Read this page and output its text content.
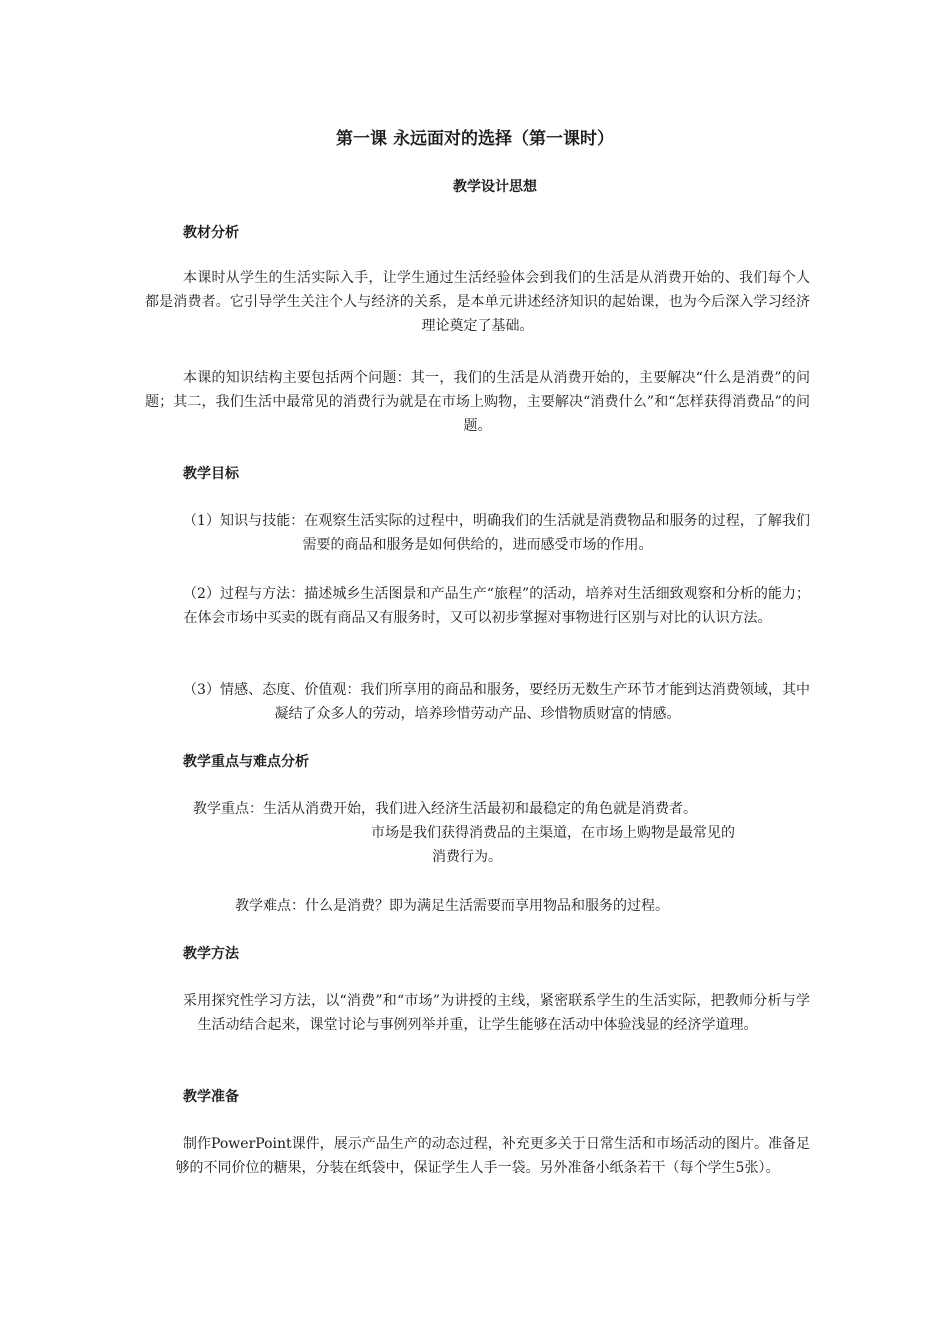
第一课 永远面对的选择（第一课时）
教学设计思想
教材分析
本课时从学生的生活实际入手，让学生通过生活经验体会到我们的生活是从消费开始的、我们每个人都是消费者。它引导学生关注个人与经济的关系，是本单元讲述经济知识的起始课，也为今后深入学习经济理论奠定了基础。
本课的知识结构主要包括两个问题：其一，我们的生活是从消费开始的，主要解决“什么是消费”的问题；其二，我们生活中最常见的消费行为就是在市场上购物，主要解决“消费什么”和“怎样获得消费品”的问题。
教学目标
（1）知识与技能：在观察生活实际的过程中，明确我们的生活就是消费物品和服务的过程，了解我们需要的商品和服务是如何供给的，进而感受市场的作用。
（2）过程与方法：描述城乡生活图景和产品生产“旅程”的活动，培养对生活细致观察和分析的能力；在体会市场中买卖的既有商品又有服务时，又可以初步掌握对事物进行区别与对比的认识方法。
（3）情感、态度、价值观：我们所享用的商品和服务，要经历无数生产环节才能到达消费领域，其中凝结了众多人的劳动，培养珍惜劳动产品、珍惜物质财富的情感。
教学重点与难点分析
教学重点：生活从消费开始，我们进入经济生活最初和最稳定的角色就是消费者。
市场是我们获得消费品的主渠道，在市场上购物是最常见的
消费行为。
教学难点：什么是消费？即为满足生活需要而享用物品和服务的过程。
教学方法
采用探究性学习方法，以“消费”和“市场”为讲授的主线，紧密联系学生的生活实际，把教师分析与学生活动结合起来，课堂讨论与事例列举并重，让学生能够在活动中体验浅显的经济学道理。
教学准备
制作PowerPoint课件，展示产品生产的动态过程，补充更多关于日常生活和市场活动的图片。准备足够的不同价位的糖果，分装在纸袋中，保证学生人手一袋。另外准备小纸条若干（每个学生5张）。
